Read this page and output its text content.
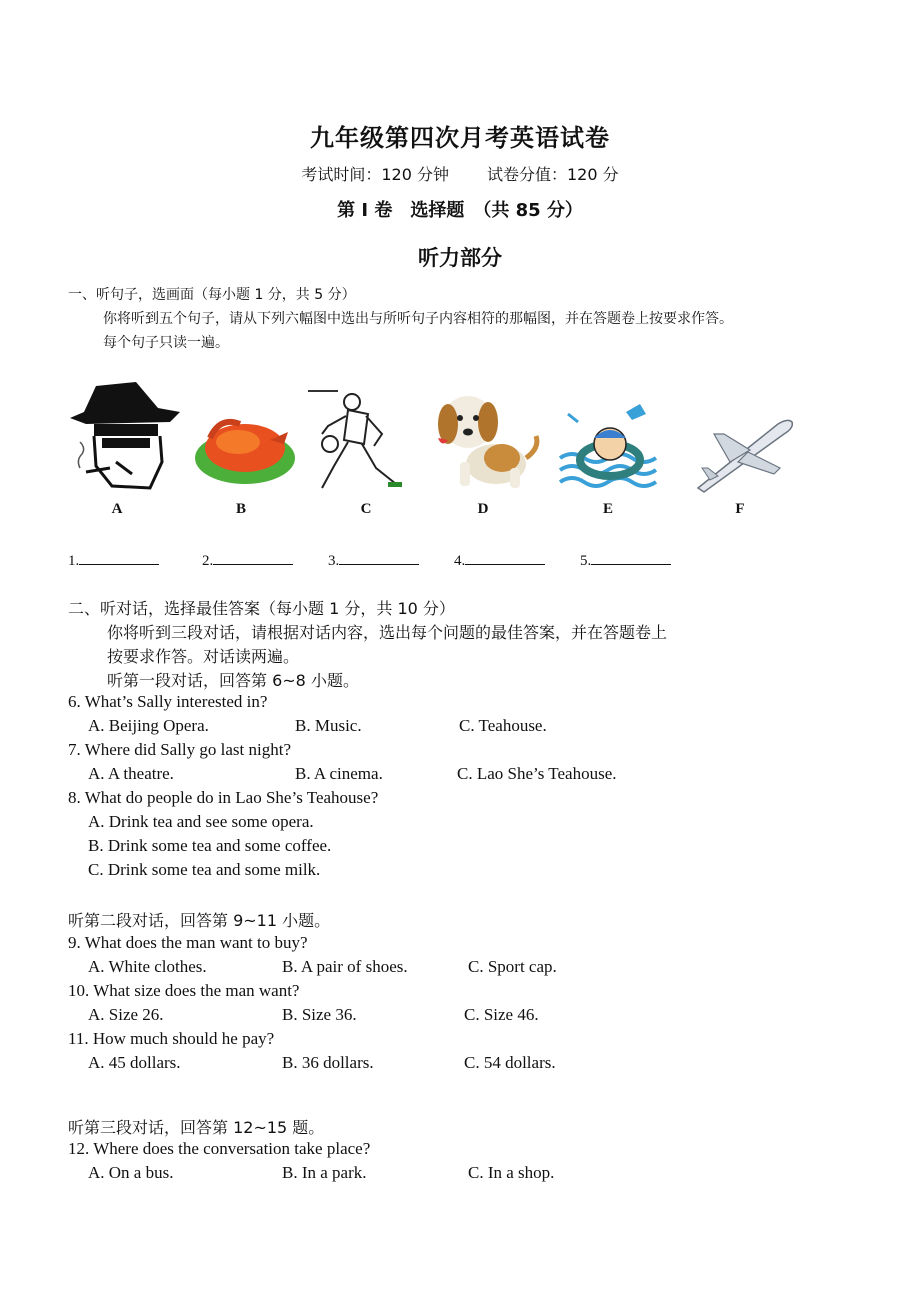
九年级第四次月考英语试卷
考试时间：120 分钟 试卷分值：120 分
第 I 卷　选择题　（共 85 分）
听力部分
一、听句子，选画面（每小题 1 分，共 5 分）
你将听到五个句子，请从下列六幅图中选出与所听句子内容相符的那幅图，并在答题卷上按要求作答。
每个句子只读一遍。
A	B	C	D	E	F
1.	2.	3.	4.	5.
二、听对话，选择最佳答案（每小题 1 分，共 10 分）
你将听到三段对话，请根据对话内容，选出每个问题的最佳答案，并在答题卷上
按要求作答。对话读两遍。
听第一段对话，回答第 6~8 小题。
6. What’s Sally interested in?
A. Beijing Opera.	B. Music.	C. Teahouse.
7. Where did Sally go last night?
A. A theatre.	B. A cinema.	C. Lao She’s Teahouse.
8. What do people do in Lao She’s Teahouse?
A. Drink tea and see some opera.
B. Drink some tea and some coffee.
C. Drink some tea and some milk.
听第二段对话，回答第 9~11 小题。
9. What does the man want to buy?
A. White clothes.	B. A pair of shoes.	C. Sport cap.
10. What size does the man want?
A. Size 26.	B. Size 36.	C. Size 46.
11. How much should he pay?
A. 45 dollars.	B. 36 dollars.	C. 54 dollars.
听第三段对话，回答第 12~15 题。
12. Where does the conversation take place?
A. On a bus.	B. In a park.	C. In a shop.
